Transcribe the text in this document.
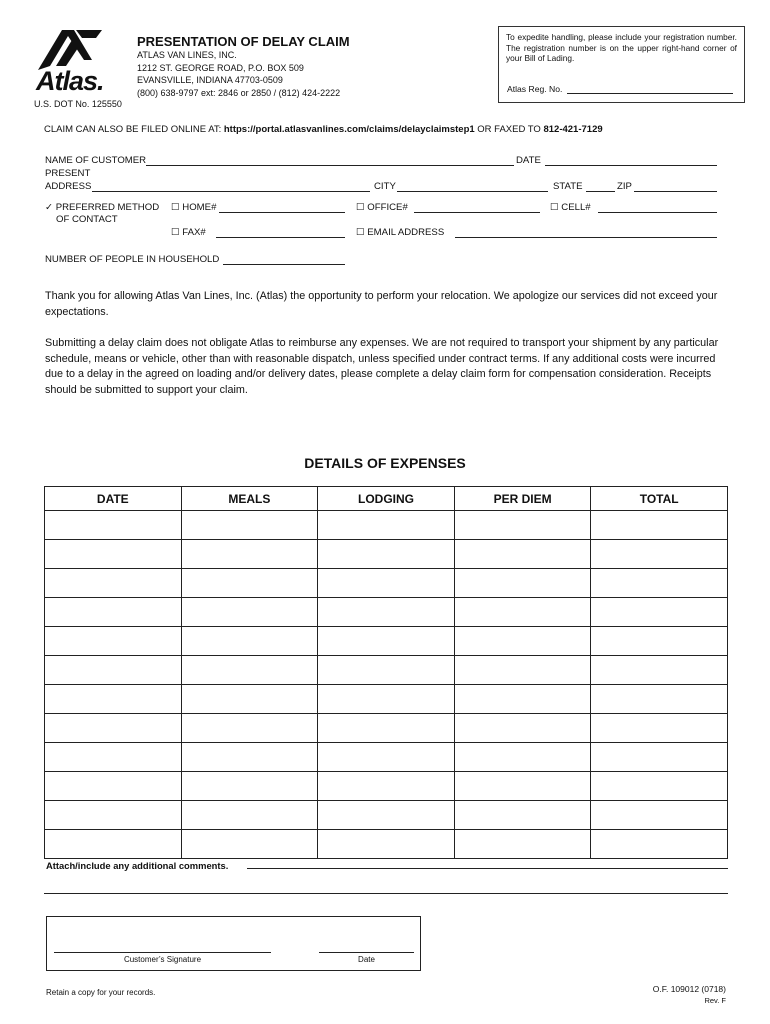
Atlas.
U.S. DOT No. 125550
PRESENTATION OF DELAY CLAIM
ATLAS VAN LINES, INC.
1212 ST. GEORGE ROAD, P.O. BOX 509
EVANSVILLE, INDIANA 47703-0509
(800) 638-9797 ext: 2846 or 2850 / (812) 424-2222
To expedite handling, please include your registration number. The registration number is on the upper right-hand corner of your Bill of Lading.
Atlas Reg. No.
CLAIM CAN ALSO BE FILED ONLINE AT: https://portal.atlasvanlines.com/claims/delayclaimstep1 OR FAXED TO 812-421-7129
NAME OF CUSTOMER	DATE
PRESENT
ADDRESS	CITY	STATE	ZIP
✓ PREFERRED METHOD
OF CONTACT
☐ HOME#	☐ OFFICE#	☐ CELL#
☐ FAX#	☐ EMAIL ADDRESS
NUMBER OF PEOPLE IN HOUSEHOLD
Thank you for allowing Atlas Van Lines, Inc. (Atlas) the opportunity to perform your relocation. We apologize our services did not exceed your expectations.
Submitting a delay claim does not obligate Atlas to reimburse any expenses. We are not required to transport your shipment by any particular schedule, means or vehicle, other than with reasonable dispatch, unless specified under contract terms. If any additional costs were incurred due to a delay in the agreed on loading and/or delivery dates, please complete a delay claim form for compensation consideration. Receipts should be submitted to support your claim.
DETAILS OF EXPENSES
DATE	MEALS	LODGING	PER DIEM	TOTAL

Attach/include any additional comments.
Customer’s Signature	Date
Retain a copy for your records.	O.F. 109012 (0718)
Rev. F
